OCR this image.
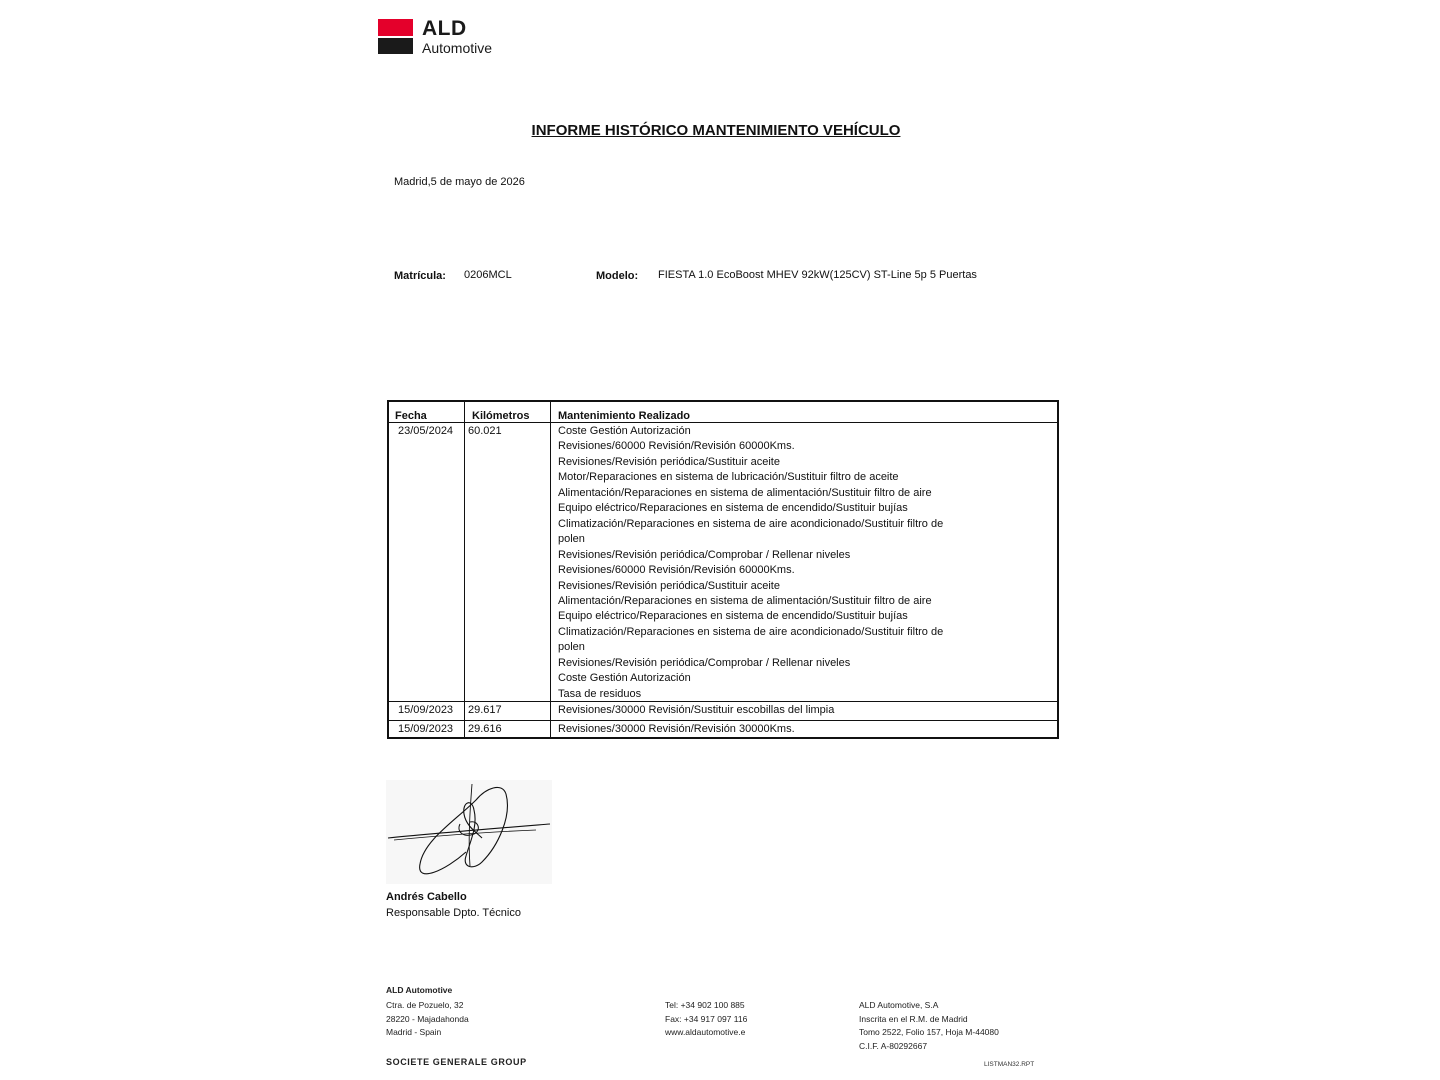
ALD
Automotive
INFORME HISTÓRICO MANTENIMIENTO VEHÍCULO
Madrid,5 de mayo de 2026
Matrícula: 0206MCL	Modelo: FIESTA 1.0 EcoBoost MHEV 92kW(125CV) ST-Line 5p 5 Puertas
Fecha	Kilómetros	Mantenimiento Realizado
23/05/2024 60.021	Coste Gestión Autorización
Revisiones/60000 Revisión/Revisión 60000Kms.
Revisiones/Revisión periódica/Sustituir aceite
Motor/Reparaciones en sistema de lubricación/Sustituir filtro de aceite
Alimentación/Reparaciones en sistema de alimentación/Sustituir filtro de aire
Equipo eléctrico/Reparaciones en sistema de encendido/Sustituir bujías
Climatización/Reparaciones en sistema de aire acondicionado/Sustituir filtro de
polen
Revisiones/Revisión periódica/Comprobar / Rellenar niveles
Revisiones/60000 Revisión/Revisión 60000Kms.
Revisiones/Revisión periódica/Sustituir aceite
Alimentación/Reparaciones en sistema de alimentación/Sustituir filtro de aire
Equipo eléctrico/Reparaciones en sistema de encendido/Sustituir bujías
Climatización/Reparaciones en sistema de aire acondicionado/Sustituir filtro de
polen
Revisiones/Revisión periódica/Comprobar / Rellenar niveles
Coste Gestión Autorización
Tasa de residuos
15/09/2023 29.617	Revisiones/30000 Revisión/Sustituir escobillas del limpia
15/09/2023 29.616	Revisiones/30000 Revisión/Revisión 30000Kms.
Andrés Cabello
Responsable Dpto. Técnico
ALD Automotive
Ctra. de Pozuelo, 32
28220 - Majadahonda
Madrid - Spain
Tel: +34 902 100 885
Fax: +34 917 097 116
www.aldautomotive.e
ALD Automotive, S.A
Inscrita en el R.M. de Madrid
Tomo 2522, Folio 157, Hoja M-44080
C.I.F. A-80292667
SOCIETE GENERALE GROUP	LISTMAN32.RPT
